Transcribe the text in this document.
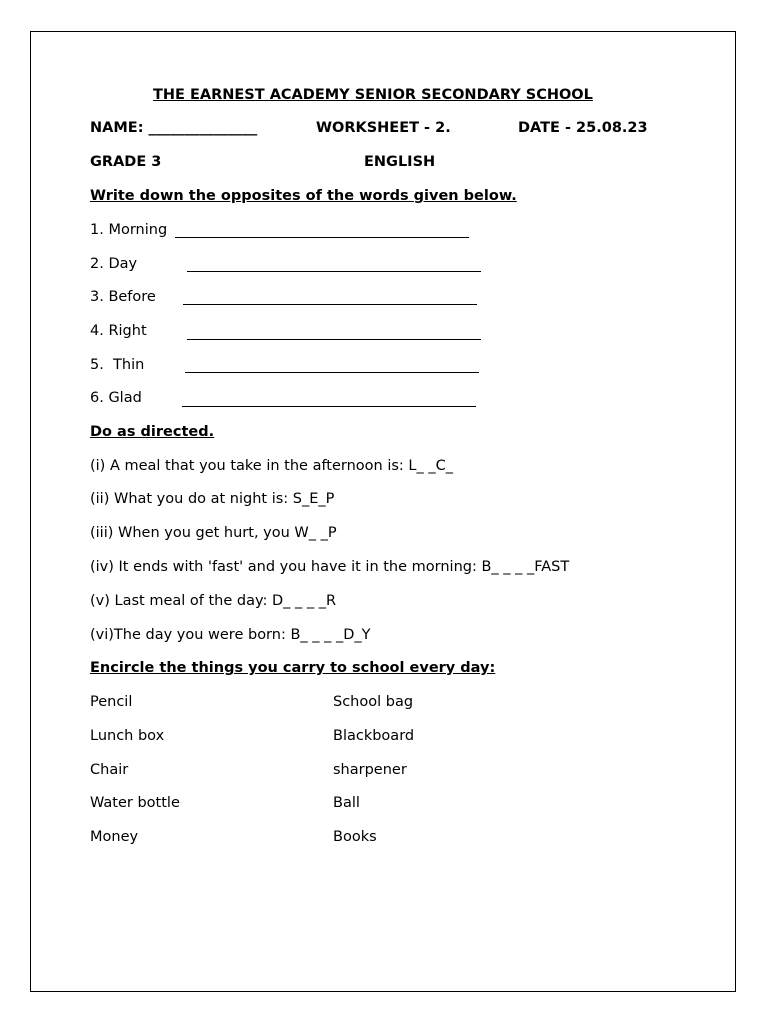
THE EARNEST ACADEMY SENIOR SECONDARY SCHOOL
NAME: _______________	WORKSHEET - 2.	DATE - 25.08.23
GRADE 3	ENGLISH
Write down the opposites of the words given below.
1. Morning
2. Day
3. Before
4. Right
5.  Thin
6. Glad
Do as directed.
(i) A meal that you take in the afternoon is: L_ _C_
(ii) What you do at night is: S_E_P
(iii) When you get hurt, you W_ _P
(iv) It ends with 'fast' and you have it in the morning: B_ _ _ _FAST
(v) Last meal of the day: D_ _ _ _R
(vi)The day you were born: B_ _ _ _D_Y
Encircle the things you carry to school every day:
Pencil	School bag
Lunch box	Blackboard
Chair	sharpener
Water bottle	Ball
Money	Books
